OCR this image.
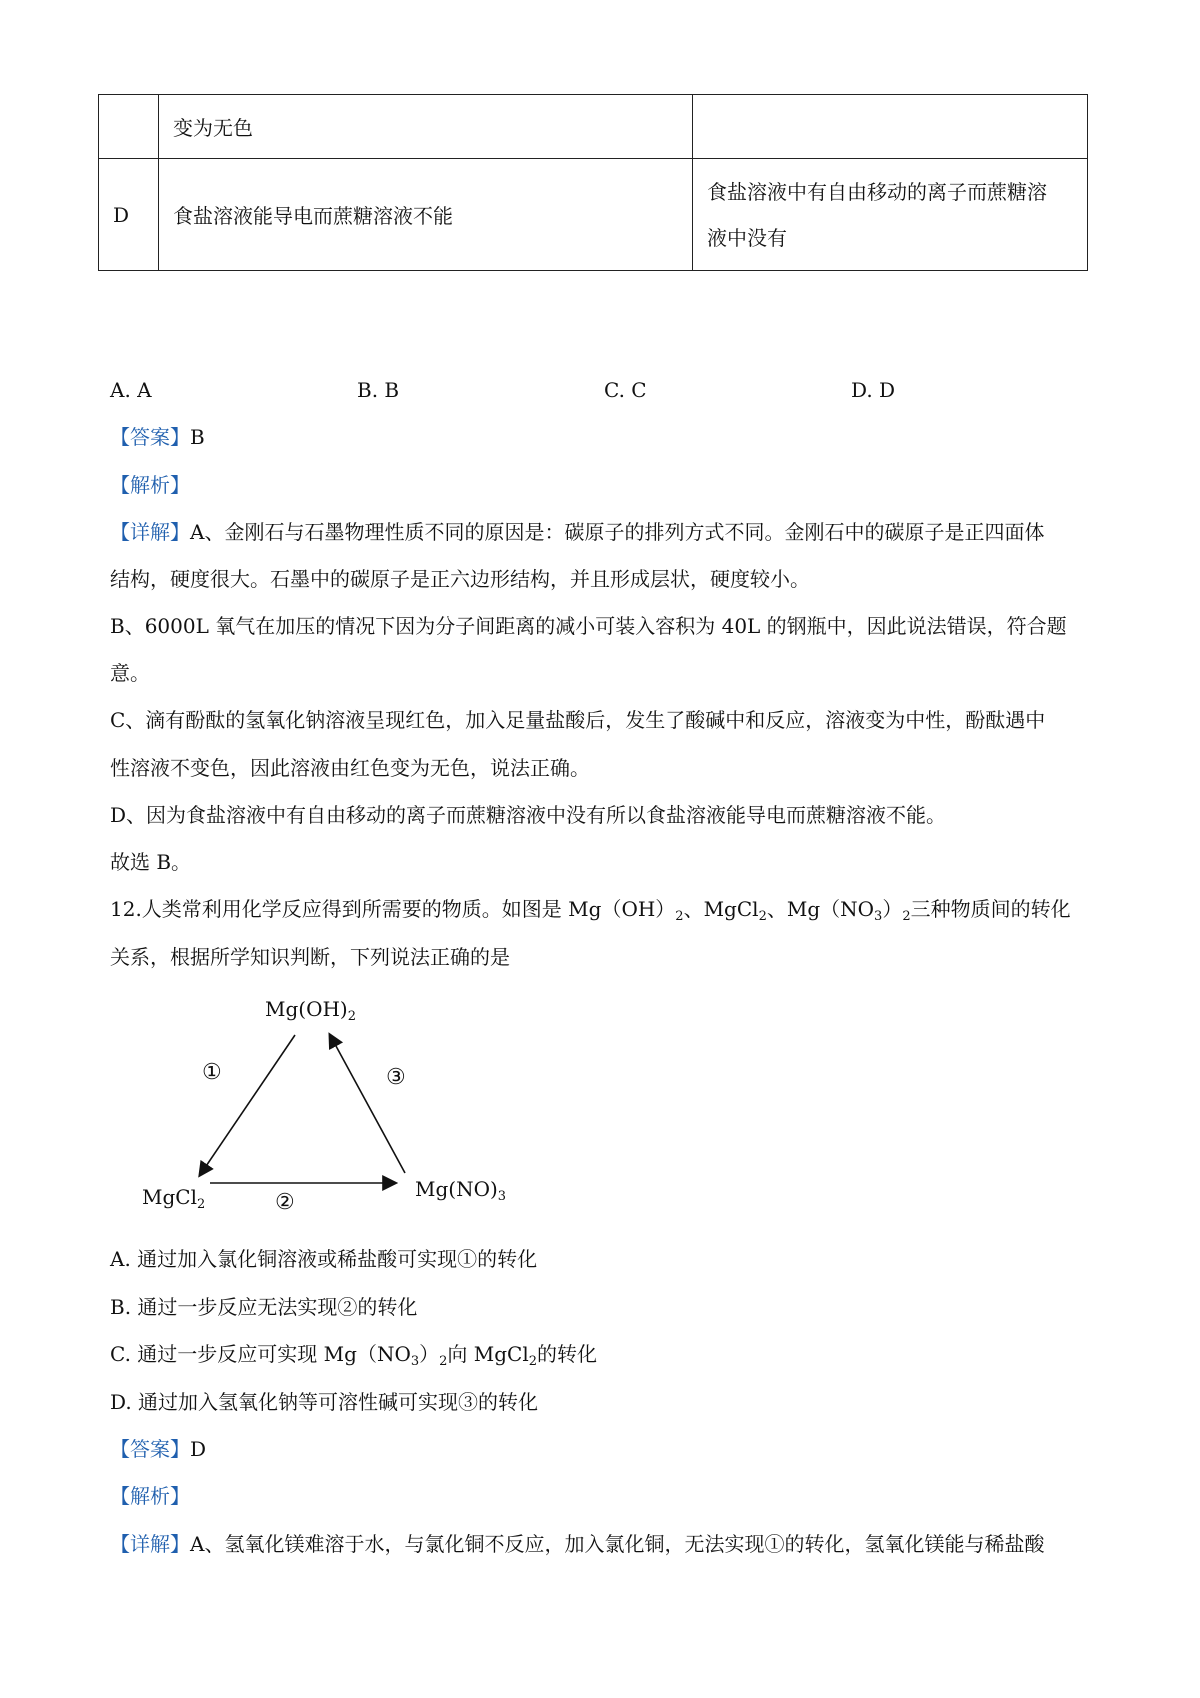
	变为无色	
D	食盐溶液能导电而蔗糖溶液不能	食盐溶液中有自由移动的离子而蔗糖溶
液中没有
A. A	B. B	C. C	D. D
【答案】B
【解析】
【详解】A、金刚石与石墨物理性质不同的原因是：碳原子的排列方式不同。金刚石中的碳原子是正四面体
结构，硬度很大。石墨中的碳原子是正六边形结构，并且形成层状，硬度较小。
B、6000L 氧气在加压的情况下因为分子间距离的减小可装入容积为 40L 的钢瓶中，因此说法错误，符合题
意。
C、滴有酚酞的氢氧化钠溶液呈现红色，加入足量盐酸后，发生了酸碱中和反应，溶液变为中性，酚酞遇中
性溶液不变色，因此溶液由红色变为无色，说法正确。
D、因为食盐溶液中有自由移动的离子而蔗糖溶液中没有所以食盐溶液能导电而蔗糖溶液不能。
故选 B。
12.人类常利用化学反应得到所需要的物质。如图是 $Mg(OH)_2$、MgCl$_2$、$Mg(NO_3)_2$三种物质间的转化
关系，根据所学知识判断，下列说法正确的是
$Mg(OH)_2$
MgCl$_2$
$Mg(NO)_3$
①
②
③
A. 通过加入氯化铜溶液或稀盐酸可实现①的转化
B. 通过一步反应无法实现②的转化
C. 通过一步反应可实现 $Mg(NO_3)_2$向 MgCl$_2$的转化
D. 通过加入氢氧化钠等可溶性碱可实现③的转化
【答案】D
【解析】
【详解】A、氢氧化镁难溶于水，与氯化铜不反应，加入氯化铜，无法实现①的转化，氢氧化镁能与稀盐酸
